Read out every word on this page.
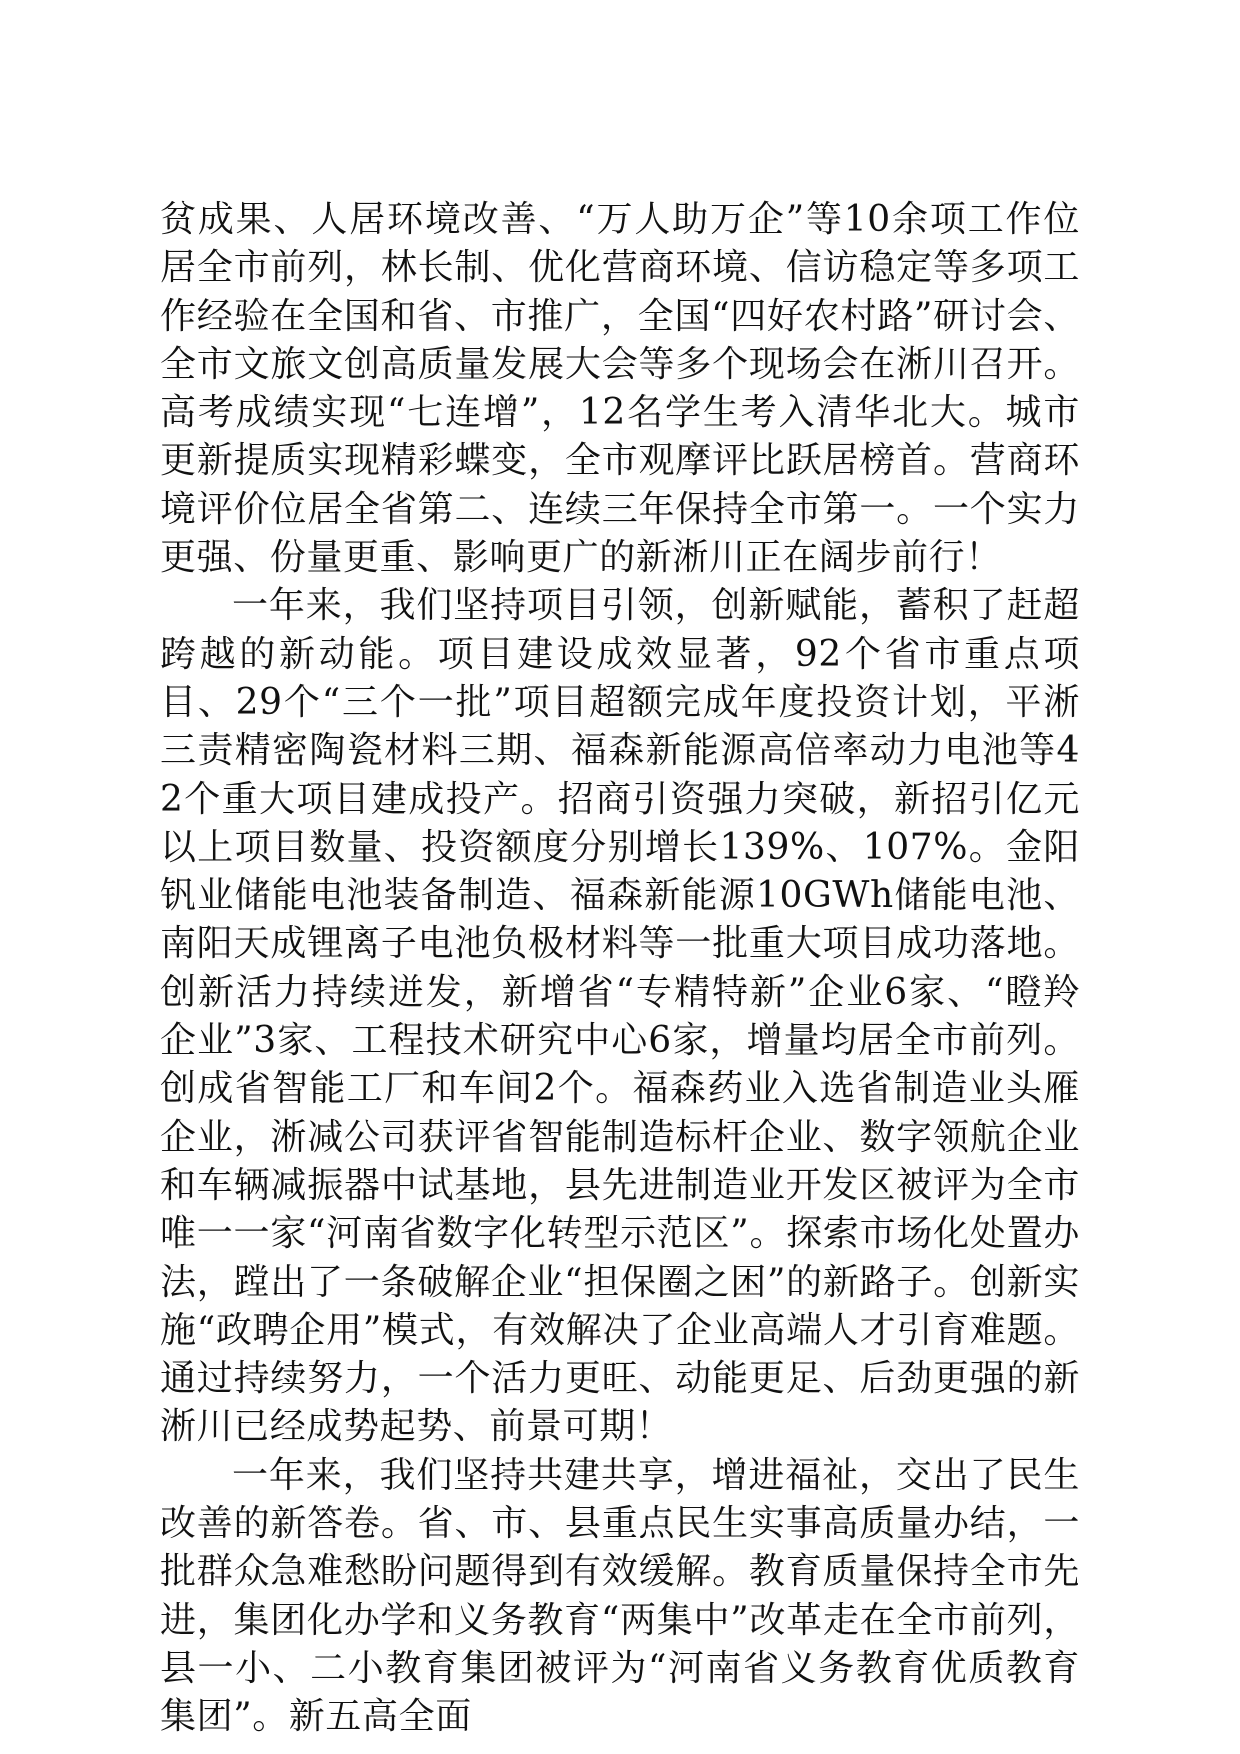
贫成果、人居环境改善、“万人助万企”等10余项工作位居全市前列，林长制、优化营商环境、信访稳定等多项工作经验在全国和省、市推广，全国“四好农村路”研讨会、全市文旅文创高质量发展大会等多个现场会在淅川召开。高考成绩实现“七连增”，12名学生考入清华北大。城市更新提质实现精彩蝶变，全市观摩评比跃居榜首。营商环境评价位居全省第二、连续三年保持全市第一。一个实力更强、份量更重、影响更广的新淅川正在阔步前行！

一年来，我们坚持项目引领，创新赋能，蓄积了赶超跨越的新动能。项目建设成效显著，92个省市重点项目、29个“三个一批”项目超额完成年度投资计划，平淅三责精密陶瓷材料三期、福森新能源高倍率动力电池等42个重大项目建成投产。招商引资强力突破，新招引亿元以上项目数量、投资额度分别增长139%、107%。金阳钒业储能电池装备制造、福森新能源10GWh储能电池、南阳天成锂离子电池负极材料等一批重大项目成功落地。创新活力持续迸发，新增省“专精特新”企业6家、“瞪羚企业”3家、工程技术研究中心6家，增量均居全市前列。创成省智能工厂和车间2个。福森药业入选省制造业头雁企业，淅减公司获评省智能制造标杆企业、数字领航企业和车辆减振器中试基地，县先进制造业开发区被评为全市唯一一家“河南省数字化转型示范区”。探索市场化处置办法，蹚出了一条破解企业“担保圈之困”的新路子。创新实施“政聘企用”模式，有效解决了企业高端人才引育难题。通过持续努力，一个活力更旺、动能更足、后劲更强的新淅川已经成势起势、前景可期！

一年来，我们坚持共建共享，增进福祉，交出了民生改善的新答卷。省、市、县重点民生实事高质量办结，一批群众急难愁盼问题得到有效缓解。教育质量保持全市先进，集团化办学和义务教育“两集中”改革走在全市前列，县一小、二小教育集团被评为“河南省义务教育优质教育集团”。新五高全面
